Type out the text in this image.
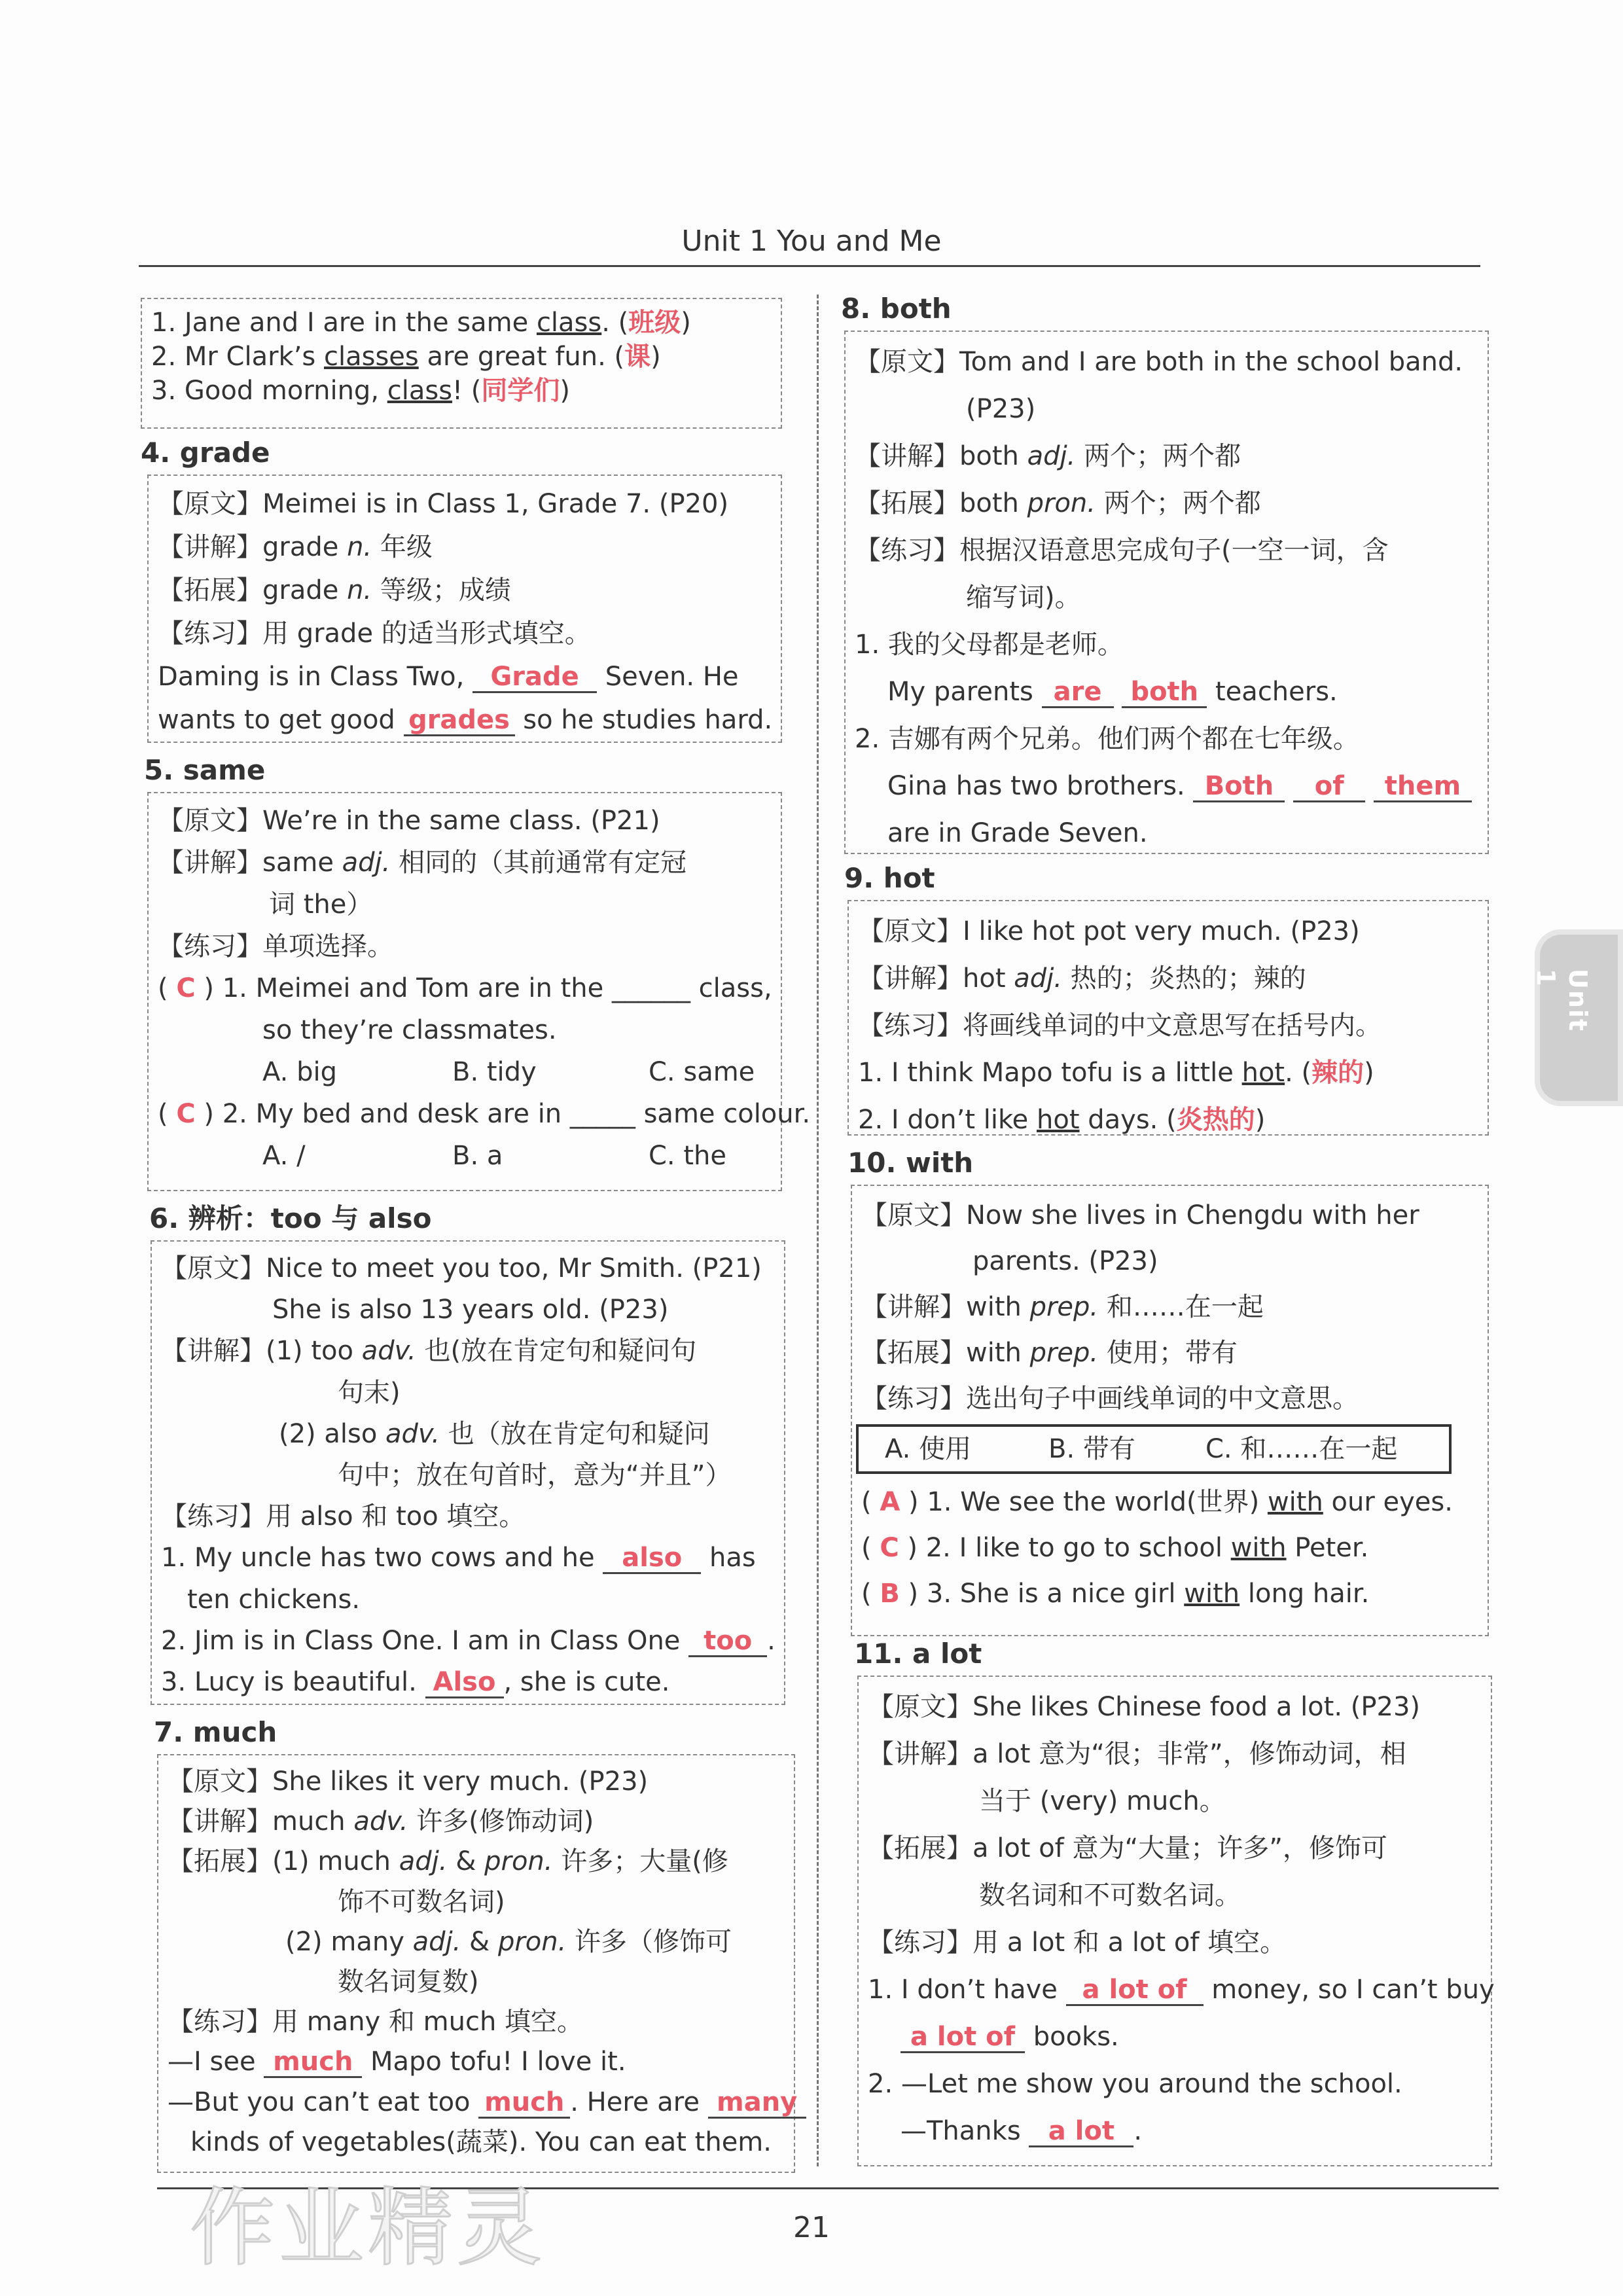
Unit 1 You and Me
1. Jane and I are in the same class. (班级)
2. Mr Clark’s classes are great fun. (课)
3. Good morning, class! (同学们)
4. grade
【原文】Meimei is in Class 1, Grade 7. (P20)
【讲解】grade n. 年级
【拓展】grade n. 等级；成绩
【练习】用 grade 的适当形式填空。
Daming is in Class Two, Grade Seven. He
wants to get good grades so he studies hard.
5. same
【原文】We’re in the same class. (P21)
【讲解】same adj. 相同的（其前通常有定冠
词 the）
【练习】单项选择。
( C ) 1. Meimei and Tom are in the ______ class,
so they’re classmates.
A. big	B. tidy	C. same
( C ) 2. My bed and desk are in _____ same colour.
A. /	B. a	C. the
6. 辨析：too 与 also
【原文】Nice to meet you too, Mr Smith. (P21)
She is also 13 years old. (P23)
【讲解】(1) too adv. 也(放在肯定句和疑问句
句末)
(2) also adv. 也（放在肯定句和疑问
句中；放在句首时，意为“并且”）
【练习】用 also 和 too 填空。
1. My uncle has two cows and he also has
ten chickens.
2. Jim is in Class One. I am in Class One too .
3. Lucy is beautiful. Also , she is cute.
7. much
【原文】She likes it very much. (P23)
【讲解】much adv. 许多(修饰动词)
【拓展】(1) much adj. & pron. 许多；大量(修
饰不可数名词)
(2) many adj. & pron. 许多（修饰可
数名词复数)
【练习】用 many 和 much 填空。
—I see much Mapo tofu! I love it.
—But you can’t eat too much . Here are many
kinds of vegetables(蔬菜). You can eat them.
8. both
【原文】Tom and I are both in the school band.
(P23)
【讲解】both adj. 两个；两个都
【拓展】both pron. 两个；两个都
【练习】根据汉语意思完成句子(一空一词，含
缩写词)。
1. 我的父母都是老师。
My parents are both teachers.
2. 吉娜有两个兄弟。他们两个都在七年级。
Gina has two brothers. Both of them
are in Grade Seven.
9. hot
【原文】I like hot pot very much. (P23)
【讲解】hot adj. 热的；炎热的；辣的
【练习】将画线单词的中文意思写在括号内。
1. I think Mapo tofu is a little hot. (辣的)
2. I don’t like hot days. (炎热的)
10. with
【原文】Now she lives in Chengdu with her
parents. (P23)
【讲解】with prep. 和……在一起
【拓展】with prep. 使用；带有
【练习】选出句子中画线单词的中文意思。
A. 使用	B. 带有	C. 和……在一起
( A ) 1. We see the world(世界) with our eyes.
( C ) 2. I like to go to school with Peter.
( B ) 3. She is a nice girl with long hair.
11. a lot
【原文】She likes Chinese food a lot. (P23)
【讲解】a lot 意为“很；非常”，修饰动词，相
当于 (very) much。
【拓展】a lot of 意为“大量；许多”，修饰可
数名词和不可数名词。
【练习】用 a lot 和 a lot of 填空。
1. I don’t have a lot of money, so I can’t buy
a lot of books.
2. —Let me show you around the school.
—Thanks a lot .
21
作业精灵
Unit 1
